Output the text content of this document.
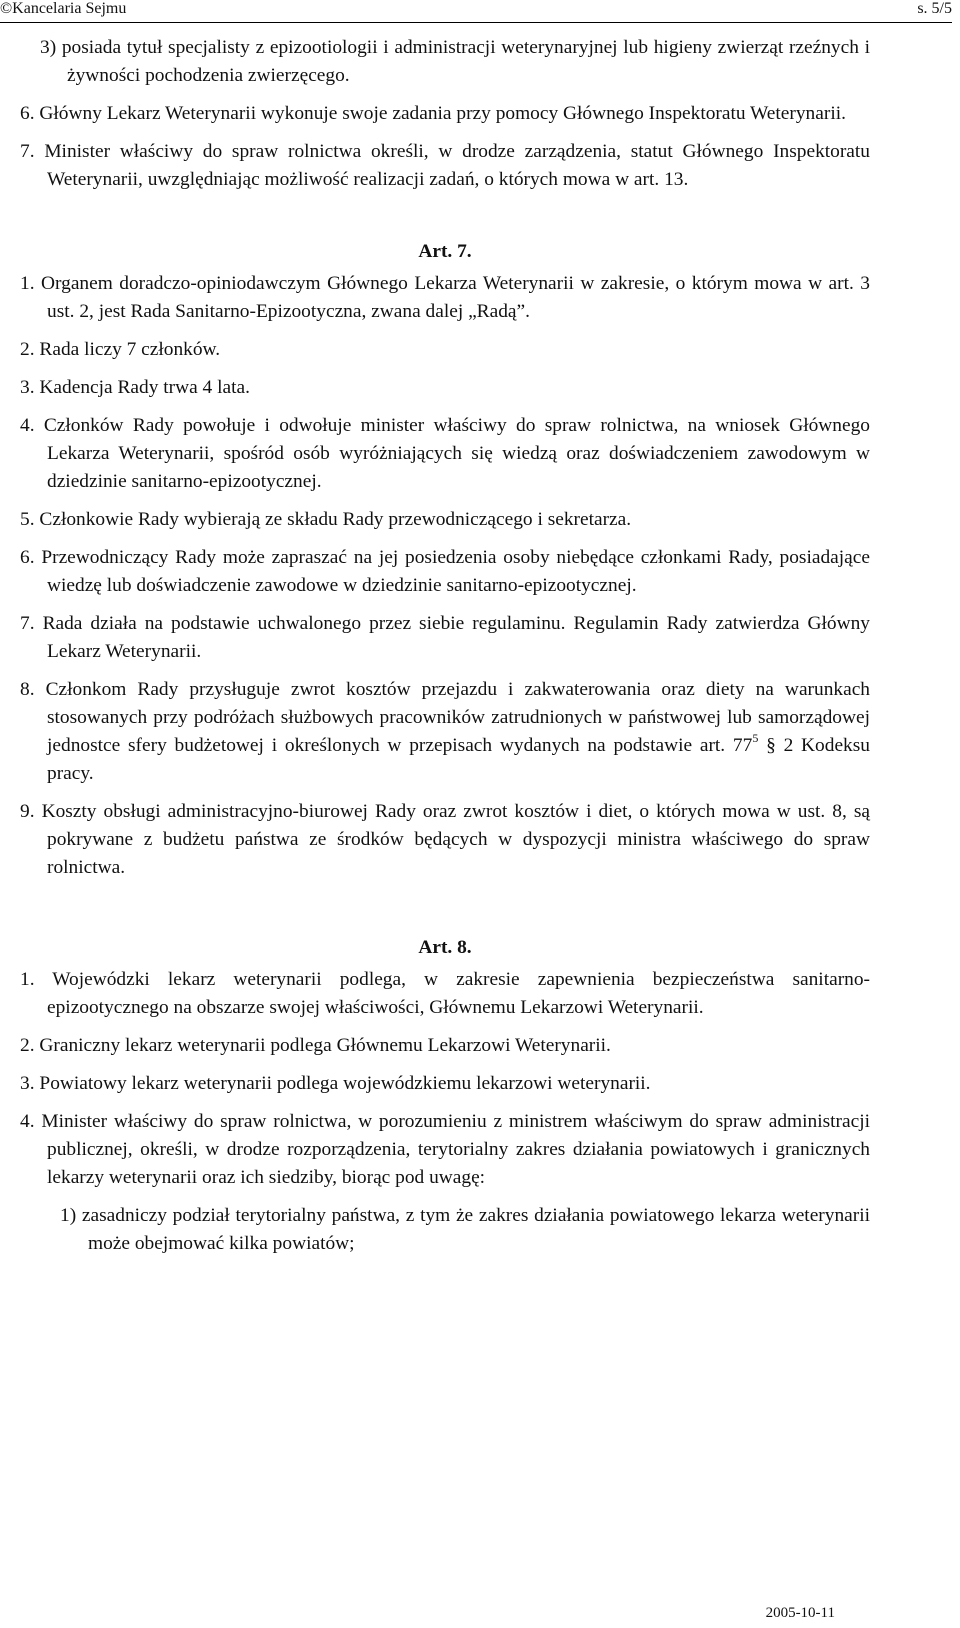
©Kancelaria Sejmu	s. 5/5

3) posiada tytuł specjalisty z epizootiologii i administracji weterynaryjnej lub higieny zwierząt rzeźnych i żywności pochodzenia zwierzęcego.

6. Główny Lekarz Weterynarii wykonuje swoje zadania przy pomocy Głównego Inspektoratu Weterynarii.

7. Minister właściwy do spraw rolnictwa określi, w drodze zarządzenia, statut Głównego Inspektoratu Weterynarii, uwzględniając możliwość realizacji zadań, o których mowa w art. 13.

Art. 7.

1. Organem doradczo-opiniodawczym Głównego Lekarza Weterynarii w zakresie, o którym mowa w art. 3 ust. 2, jest Rada Sanitarno-Epizootyczna, zwana dalej „Radą”.

2. Rada liczy 7 członków.

3. Kadencja Rady trwa 4 lata.

4. Członków Rady powołuje i odwołuje minister właściwy do spraw rolnictwa, na wniosek Głównego Lekarza Weterynarii, spośród osób wyróżniających się wiedzą oraz doświadczeniem zawodowym w dziedzinie sanitarno-epizootycznej.

5. Członkowie Rady wybierają ze składu Rady przewodniczącego i sekretarza.

6. Przewodniczący Rady może zapraszać na jej posiedzenia osoby niebędące członkami Rady, posiadające wiedzę lub doświadczenie zawodowe w dziedzinie sanitarno-epizootycznej.

7. Rada działa na podstawie uchwalonego przez siebie regulaminu. Regulamin Rady zatwierdza Główny Lekarz Weterynarii.

8. Członkom Rady przysługuje zwrot kosztów przejazdu i zakwaterowania oraz diety na warunkach stosowanych przy podróżach służbowych pracowników zatrudnionych w państwowej lub samorządowej jednostce sfery budżetowej i określonych w przepisach wydanych na podstawie art. $77^5$ § 2 Kodeksu pracy.

9. Koszty obsługi administracyjno-biurowej Rady oraz zwrot kosztów i diet, o których mowa w ust. 8, są pokrywane z budżetu państwa ze środków będących w dyspozycji ministra właściwego do spraw rolnictwa.

Art. 8.

1. Wojewódzki lekarz weterynarii podlega, w zakresie zapewnienia bezpieczeństwa sanitarno-epizootycznego na obszarze swojej właściwości, Głównemu Lekarzowi Weterynarii.

2. Graniczny lekarz weterynarii podlega Głównemu Lekarzowi Weterynarii.

3. Powiatowy lekarz weterynarii podlega wojewódzkiemu lekarzowi weterynarii.

4. Minister właściwy do spraw rolnictwa, w porozumieniu z ministrem właściwym do spraw administracji publicznej, określi, w drodze rozporządzenia, terytorialny zakres działania powiatowych i granicznych lekarzy weterynarii oraz ich siedziby, biorąc pod uwagę:

1) zasadniczy podział terytorialny państwa, z tym że zakres działania powiatowego lekarza weterynarii może obejmować kilka powiatów;

2005-10-11
